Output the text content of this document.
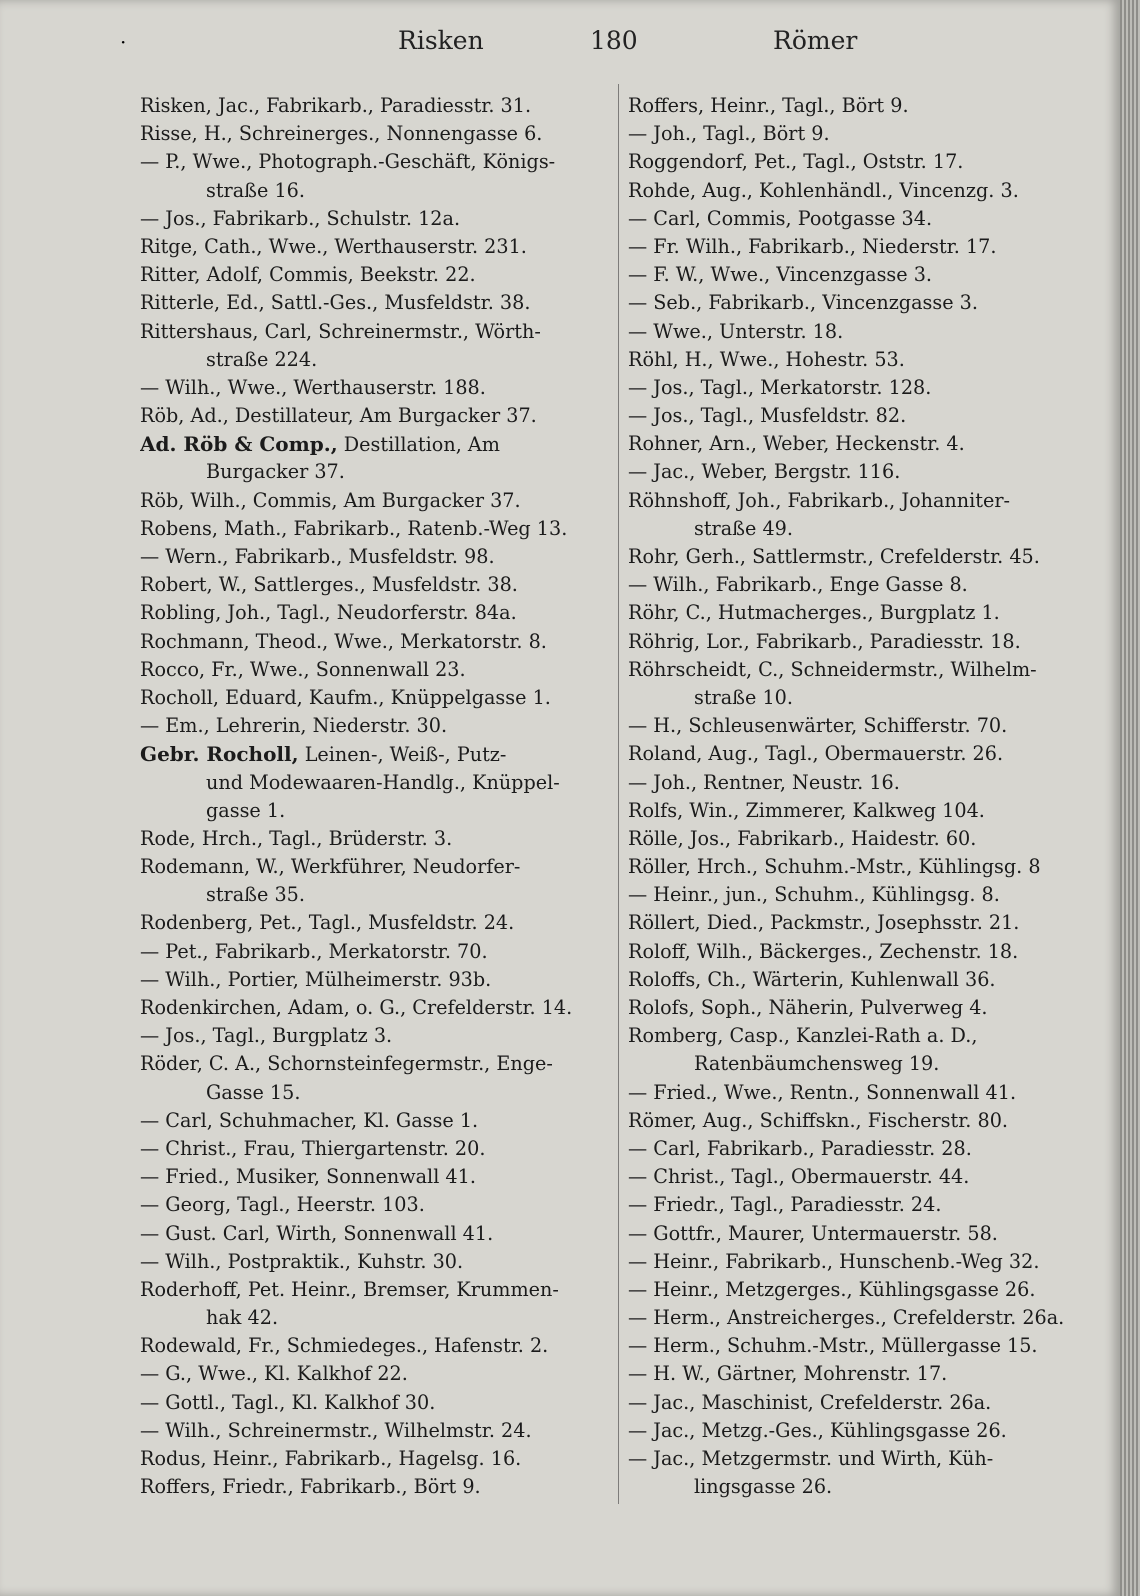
·	Risken	180	Römer
Risken, Jac., Fabrikarb., Paradiesstr. 31.
Risse, H., Schreinerges., Nonnengasse 6.
— P., Wwe., Photograph.-Geschäft, Königs-
straße 16.
— Jos., Fabrikarb., Schulstr. 12a.
Ritge, Cath., Wwe., Werthauserstr. 231.
Ritter, Adolf, Commis, Beekstr. 22.
Ritterle, Ed., Sattl.-Ges., Musfeldstr. 38.
Rittershaus, Carl, Schreinermstr., Wörth-
straße 224.
— Wilh., Wwe., Werthauserstr. 188.
Röb, Ad., Destillateur, Am Burgacker 37.
Ad. Röb & Comp., Destillation, Am
Burgacker 37.
Röb, Wilh., Commis, Am Burgacker 37.
Robens, Math., Fabrikarb., Ratenb.-Weg 13.
— Wern., Fabrikarb., Musfeldstr. 98.
Robert, W., Sattlerges., Musfeldstr. 38.
Robling, Joh., Tagl., Neudorferstr. 84a.
Rochmann, Theod., Wwe., Merkatorstr. 8.
Rocco, Fr., Wwe., Sonnenwall 23.
Rocholl, Eduard, Kaufm., Knüppelgasse 1.
— Em., Lehrerin, Niederstr. 30.
Gebr. Rocholl, Leinen-, Weiß-, Putz-
und Modewaaren-Handlg., Knüppel-
gasse 1.
Rode, Hrch., Tagl., Brüderstr. 3.
Rodemann, W., Werkführer, Neudorfer-
straße 35.
Rodenberg, Pet., Tagl., Musfeldstr. 24.
— Pet., Fabrikarb., Merkatorstr. 70.
— Wilh., Portier, Mülheimerstr. 93b.
Rodenkirchen, Adam, o. G., Crefelderstr. 14.
— Jos., Tagl., Burgplatz 3.
Röder, C. A., Schornsteinfegermstr., Enge-
Gasse 15.
— Carl, Schuhmacher, Kl. Gasse 1.
— Christ., Frau, Thiergartenstr. 20.
— Fried., Musiker, Sonnenwall 41.
— Georg, Tagl., Heerstr. 103.
— Gust. Carl, Wirth, Sonnenwall 41.
— Wilh., Postpraktik., Kuhstr. 30.
Roderhoff, Pet. Heinr., Bremser, Krummen-
hak 42.
Rodewald, Fr., Schmiedeges., Hafenstr. 2.
— G., Wwe., Kl. Kalkhof 22.
— Gottl., Tagl., Kl. Kalkhof 30.
— Wilh., Schreinermstr., Wilhelmstr. 24.
Rodus, Heinr., Fabrikarb., Hagelsg. 16.
Roffers, Friedr., Fabrikarb., Bört 9.
Roffers, Heinr., Tagl., Bört 9.
— Joh., Tagl., Bört 9.
Roggendorf, Pet., Tagl., Oststr. 17.
Rohde, Aug., Kohlenhändl., Vincenzg. 3.
— Carl, Commis, Pootgasse 34.
— Fr. Wilh., Fabrikarb., Niederstr. 17.
— F. W., Wwe., Vincenzgasse 3.
— Seb., Fabrikarb., Vincenzgasse 3.
— Wwe., Unterstr. 18.
Röhl, H., Wwe., Hohestr. 53.
— Jos., Tagl., Merkatorstr. 128.
— Jos., Tagl., Musfeldstr. 82.
Rohner, Arn., Weber, Heckenstr. 4.
— Jac., Weber, Bergstr. 116.
Röhnshoff, Joh., Fabrikarb., Johanniter-
straße 49.
Rohr, Gerh., Sattlermstr., Crefelderstr. 45.
— Wilh., Fabrikarb., Enge Gasse 8.
Röhr, C., Hutmacherges., Burgplatz 1.
Röhrig, Lor., Fabrikarb., Paradiesstr. 18.
Röhrscheidt, C., Schneidermstr., Wilhelm-
straße 10.
— H., Schleusenwärter, Schifferstr. 70.
Roland, Aug., Tagl., Obermauerstr. 26.
— Joh., Rentner, Neustr. 16.
Rolfs, Win., Zimmerer, Kalkweg 104.
Rölle, Jos., Fabrikarb., Haidestr. 60.
Röller, Hrch., Schuhm.-Mstr., Kühlingsg. 8
— Heinr., jun., Schuhm., Kühlingsg. 8.
Röllert, Died., Packmstr., Josephsstr. 21.
Roloff, Wilh., Bäckerges., Zechenstr. 18.
Roloffs, Ch., Wärterin, Kuhlenwall 36.
Rolofs, Soph., Näherin, Pulverweg 4.
Romberg, Casp., Kanzlei-Rath a. D.,
Ratenbäumchensweg 19.
— Fried., Wwe., Rentn., Sonnenwall 41.
Römer, Aug., Schiffskn., Fischerstr. 80.
— Carl, Fabrikarb., Paradiesstr. 28.
— Christ., Tagl., Obermauerstr. 44.
— Friedr., Tagl., Paradiesstr. 24.
— Gottfr., Maurer, Untermauerstr. 58.
— Heinr., Fabrikarb., Hunschenb.-Weg 32.
— Heinr., Metzgerges., Kühlingsgasse 26.
— Herm., Anstreicherges., Crefelderstr. 26a.
— Herm., Schuhm.-Mstr., Müllergasse 15.
— H. W., Gärtner, Mohrenstr. 17.
— Jac., Maschinist, Crefelderstr. 26a.
— Jac., Metzg.-Ges., Kühlingsgasse 26.
— Jac., Metzgermstr. und Wirth, Küh-
lingsgasse 26.
